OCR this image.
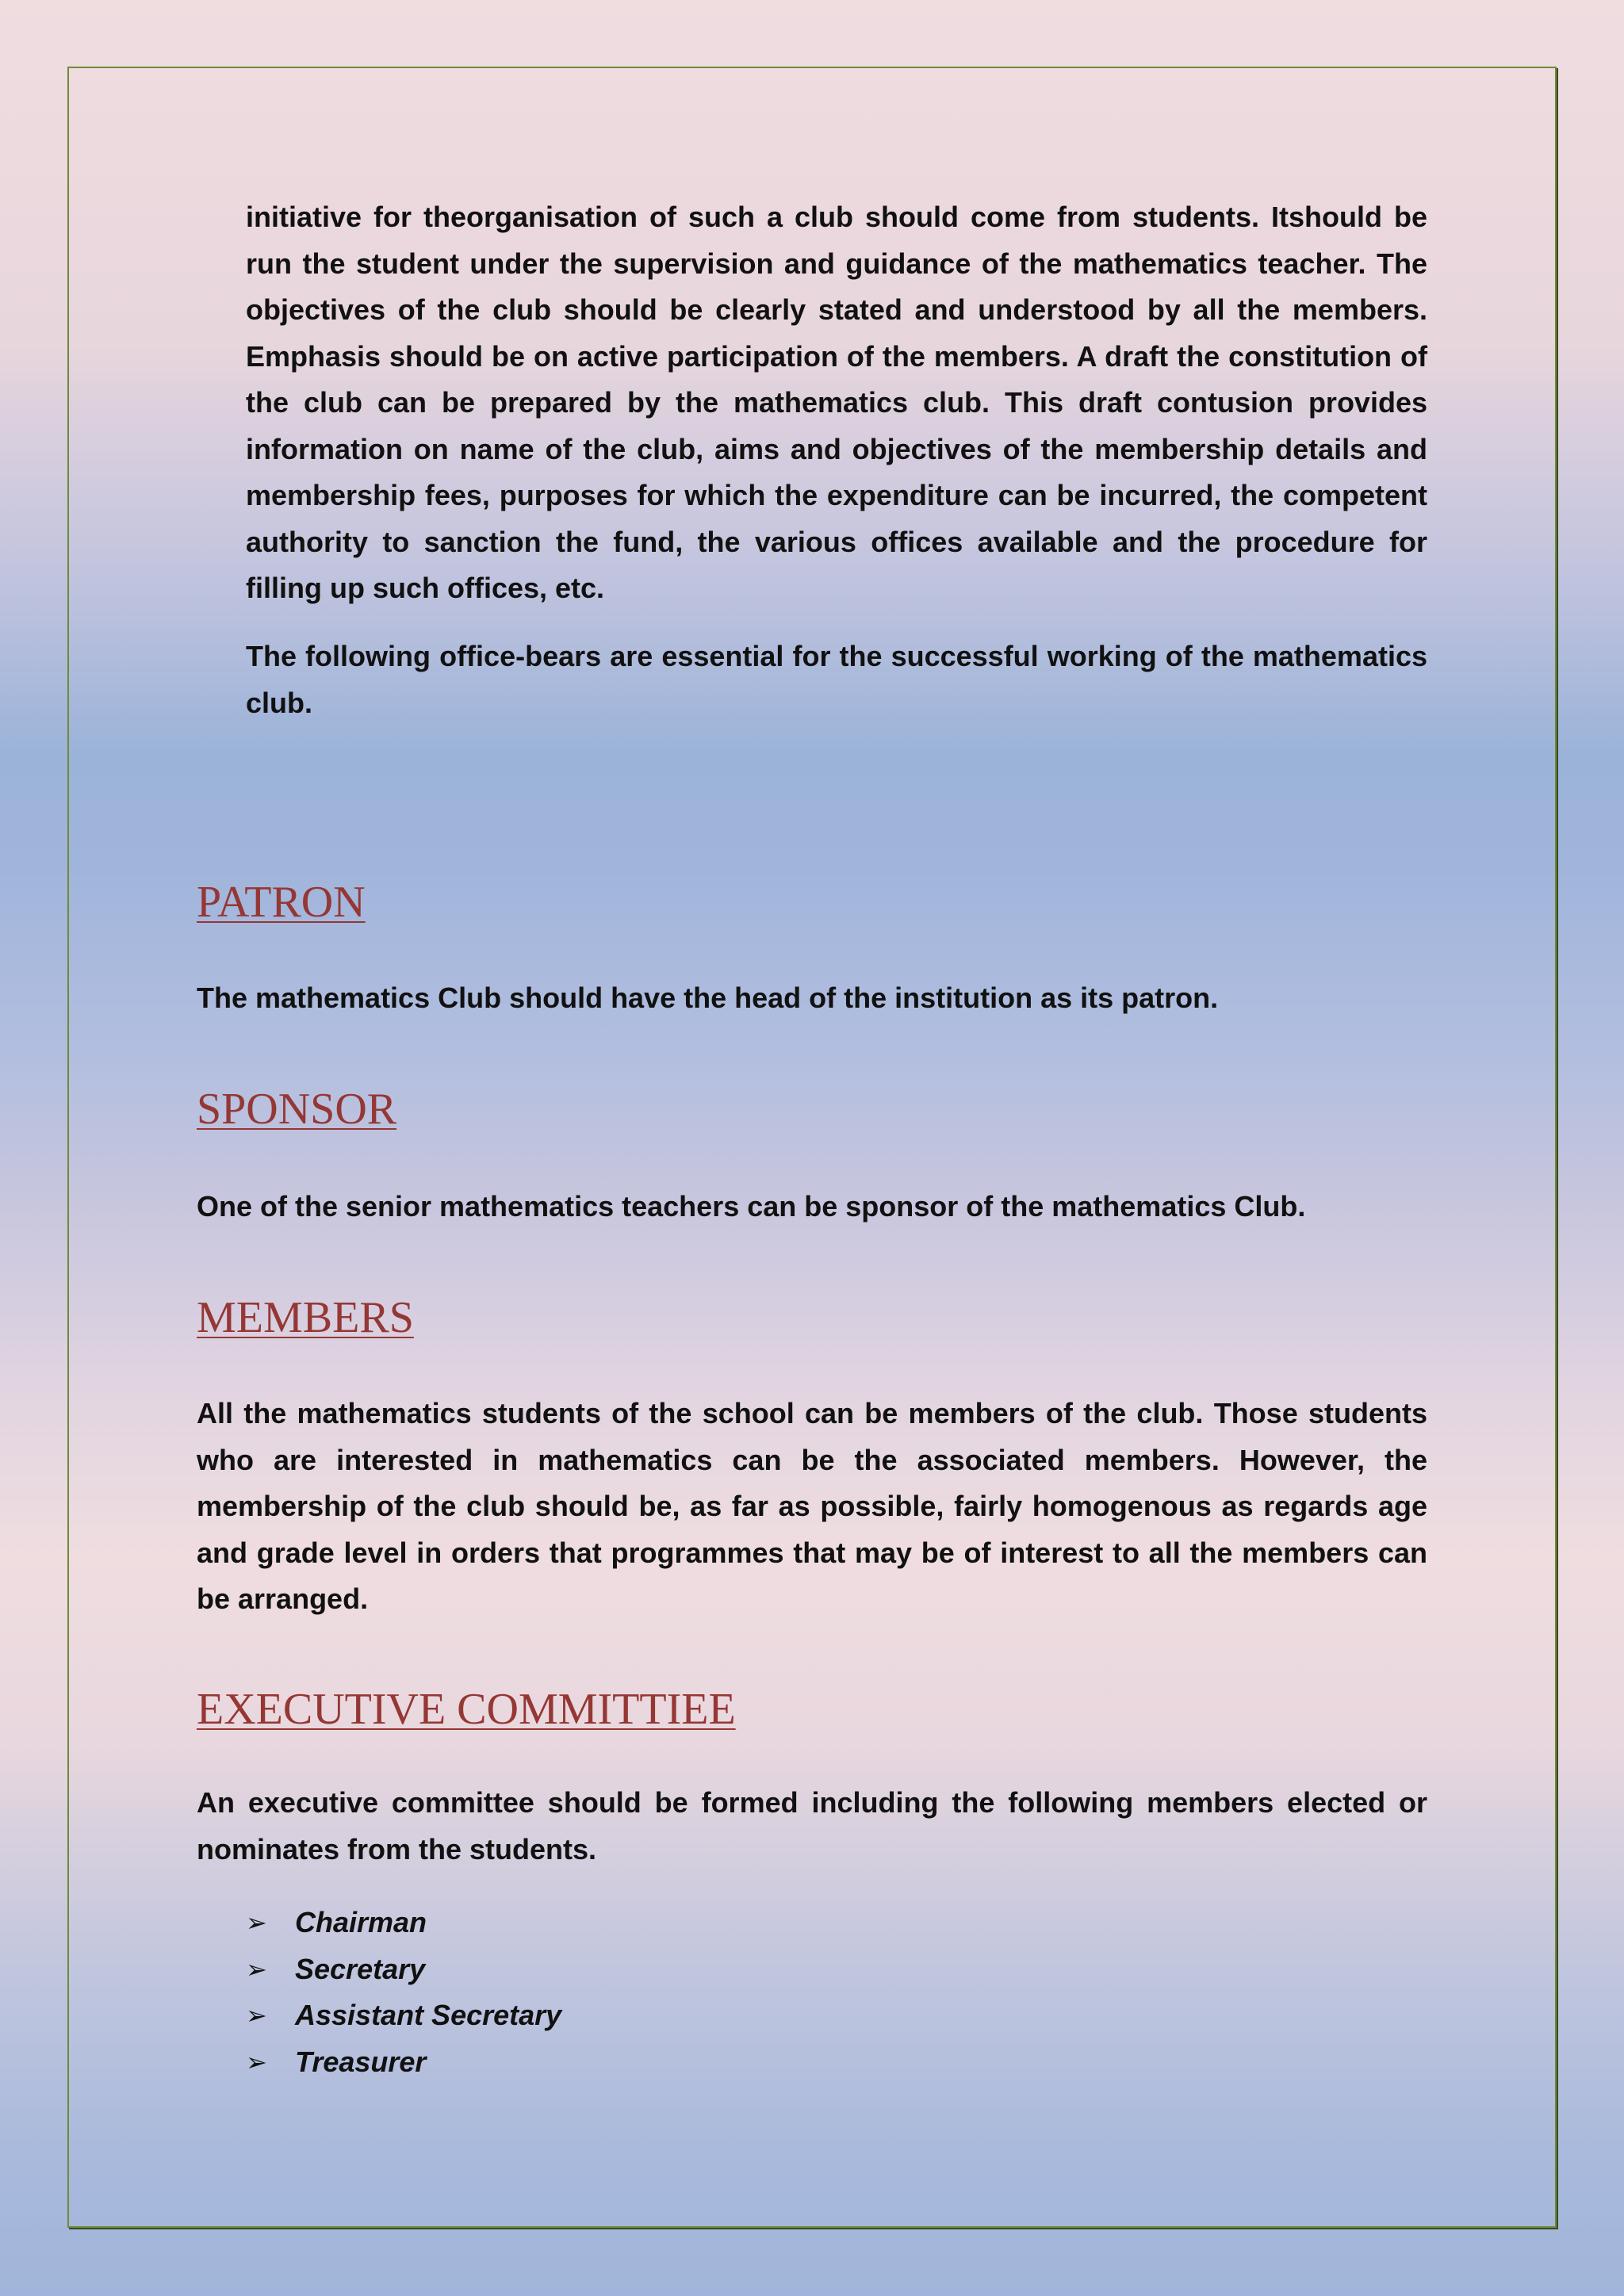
initiative for theorganisation of such a club should come from students. Itshould be run the student under the supervision and guidance of the mathematics teacher. The objectives of the club should be clearly stated and understood by all the members. Emphasis should be on active participation of the members. A draft the constitution of the club can be prepared by the mathematics club. This draft contusion provides information on name of the club, aims and objectives of the membership details and membership fees, purposes for which the expenditure can be incurred, the competent authority to sanction the fund, the various offices available and the procedure for filling up such offices, etc.

The following office-bears are essential for the successful working of the mathematics club.

PATRON

The mathematics Club should have the head of the institution as its patron.

SPONSOR

One of the senior mathematics teachers can be sponsor of the mathematics Club.

MEMBERS

All the mathematics students of the school can be members of the club. Those students who are interested in mathematics can be the associated members. However, the membership of the club should be, as far as possible, fairly homogenous as regards age and grade level in orders that programmes that may be of interest to all the members can be arranged.

EXECUTIVE COMMITTIEE

An executive committee should be formed including the following members elected or nominates from the students.

➢ Chairman
➢ Secretary
➢ Assistant Secretary
➢ Treasurer
